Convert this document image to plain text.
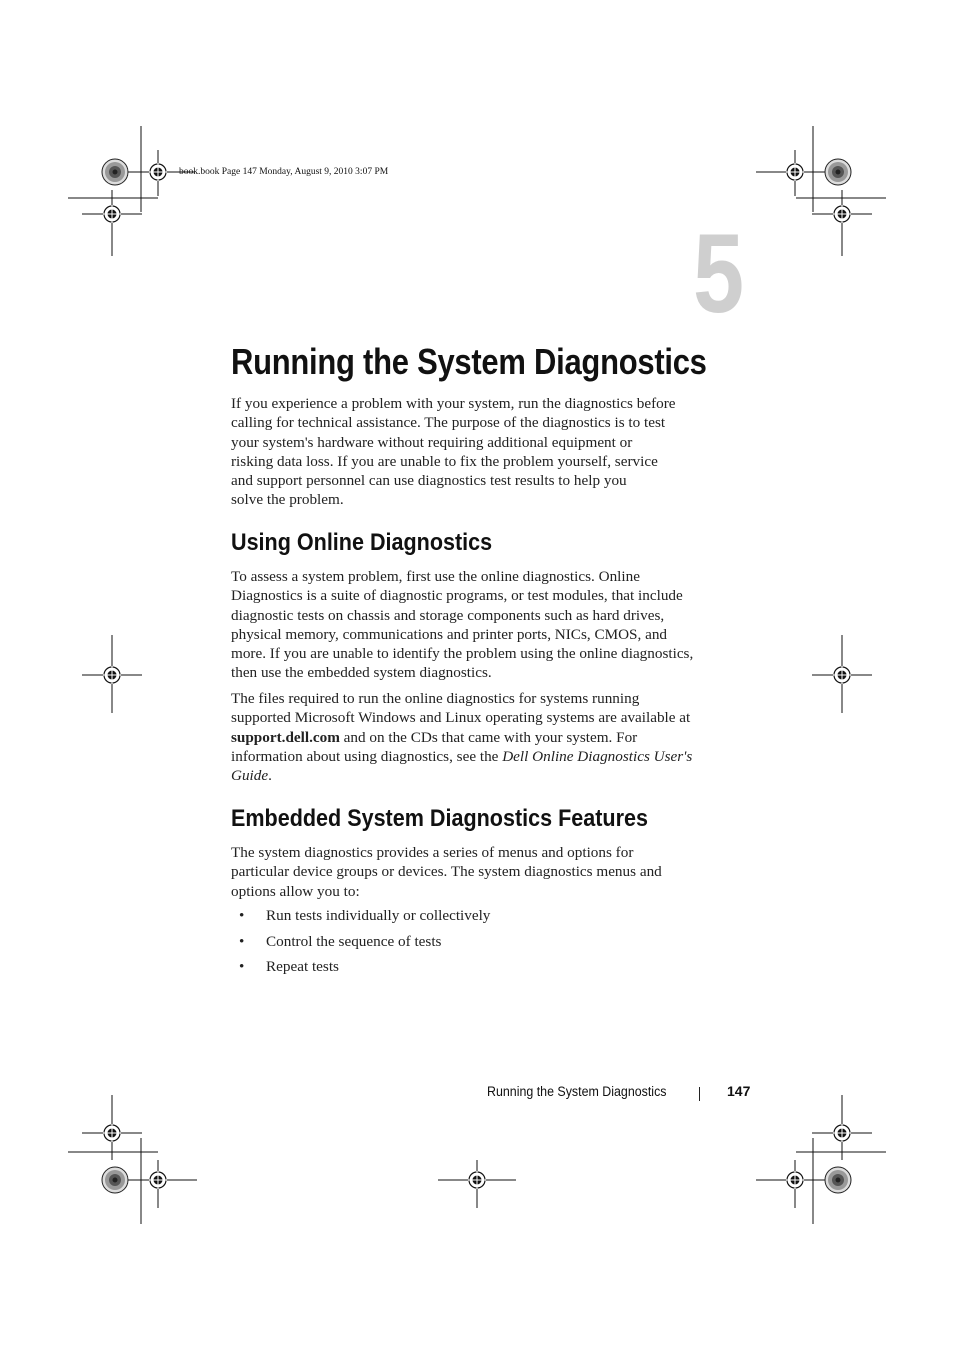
book.book Page 147 Monday, August 9, 2010 3:07 PM
5
Running the System Diagnostics

If you experience a problem with your system, run the diagnostics before
calling for technical assistance. The purpose of the diagnostics is to test
your system's hardware without requiring additional equipment or
risking data loss. If you are unable to fix the problem yourself, service
and support personnel can use diagnostics test results to help you
solve the problem.

Using Online Diagnostics

To assess a system problem, first use the online diagnostics. Online
Diagnostics is a suite of diagnostic programs, or test modules, that include
diagnostic tests on chassis and storage components such as hard drives,
physical memory, communications and printer ports, NICs, CMOS, and
more. If you are unable to identify the problem using the online diagnostics,
then use the embedded system diagnostics.

The files required to run the online diagnostics for systems running
supported Microsoft Windows and Linux operating systems are available at
support.dell.com and on the CDs that came with your system. For
information about using diagnostics, see the Dell Online Diagnostics User's
Guide.

Embedded System Diagnostics Features

The system diagnostics provides a series of menus and options for
particular device groups or devices. The system diagnostics menus and
options allow you to:

• Run tests individually or collectively
• Control the sequence of tests
• Repeat tests
Running the System Diagnostics	147
